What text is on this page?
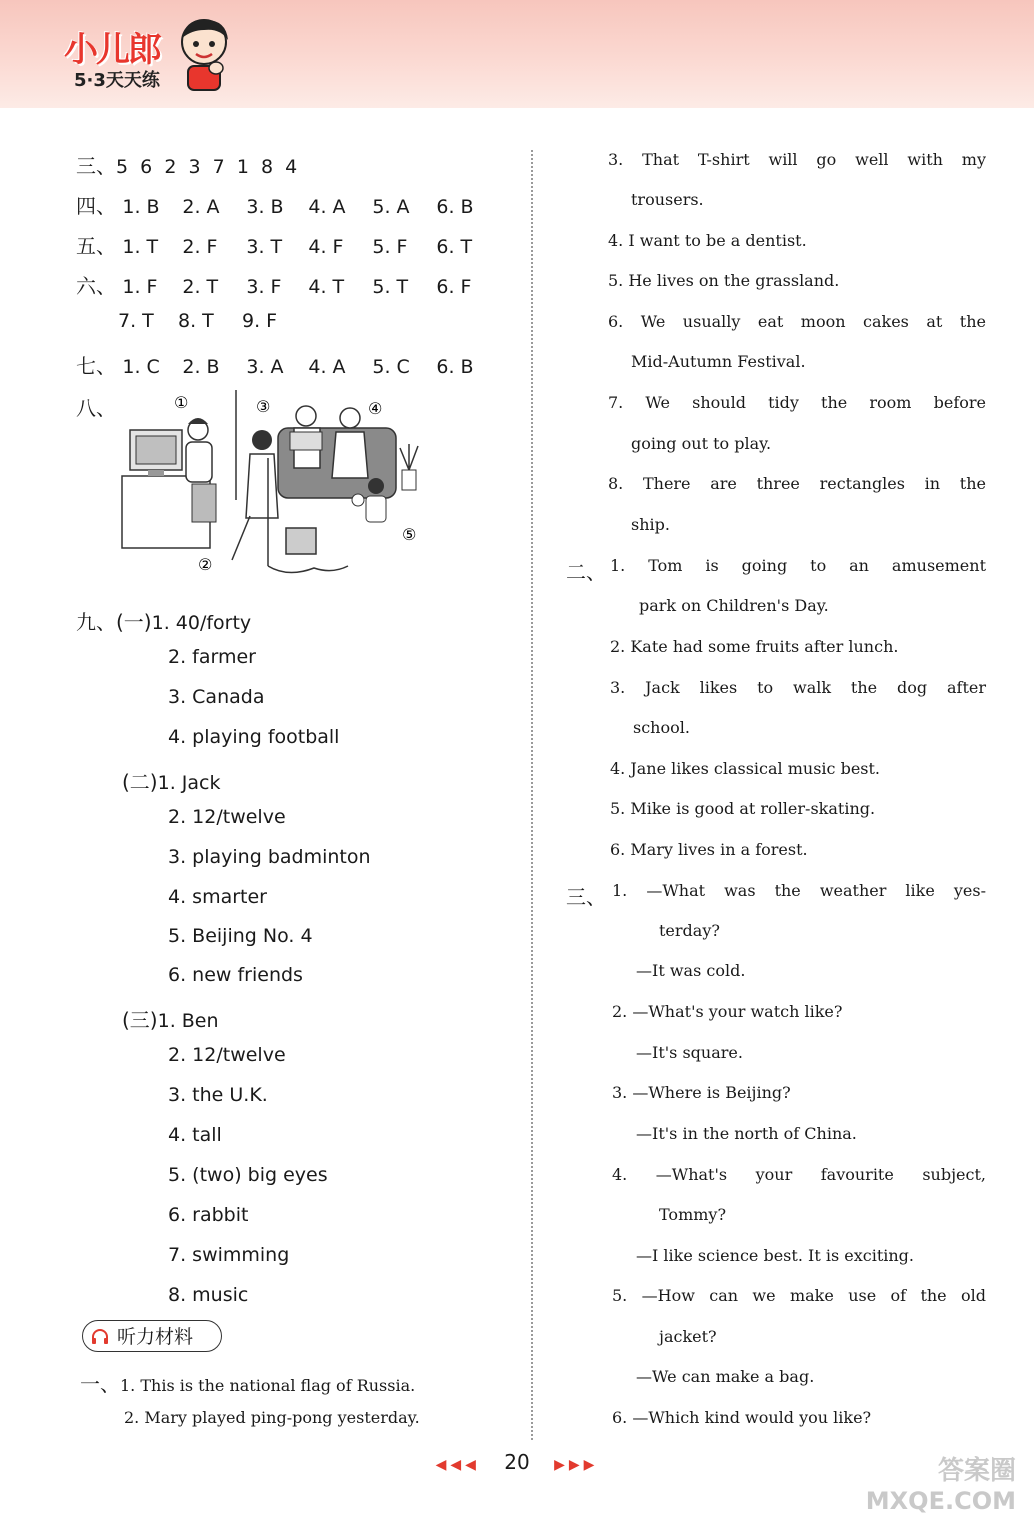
小儿郎
5·3天天练
三、5  6  2  3  7  1  8  4
四、 1. B 2. A 3. B 4. A 5. A 6. B
五、 1. T 2. F 3. T 4. F 5. F 6. T
六、 1. F 2. T 3. F 4. T 5. T 6. F
7. T 8. T 9. F
七、 1. C 2. B 3. A 4. A 5. C 6. B
八、	①
②
③	④
⑤
九、(一)1. 40/forty
2. farmer
3. Canada
4. playing football
(二)1. Jack
2. 12/twelve
3. playing badminton
4. smarter
5. Beijing No. 4
6. new friends
(三)1. Ben
2. 12/twelve
3. the U.K.
4. tall
5. (two) big eyes
6. rabbit
7. swimming
8. music
听力材料
一、1. This is the national flag of Russia.
2. Mary played ping-pong yesterday.
3. That T-shirt will go well with my
trousers.
4. I want to be a dentist.
5. He lives on the grassland.
6. We usually eat moon cakes at the
Mid-Autumn Festival.
7. We should tidy the room before
going out to play.
8. There are three rectangles in the
ship.
二、 1. Tom is going to an amusement
park on Children's Day.
2. Kate had some fruits after lunch.
3. Jack likes to walk the dog after
school.
4. Jane likes classical music best.
5. Mike is good at roller-skating.
6. Mary lives in a forest.
三、 1. —What was the weather like yes-
terday?
—It was cold.
2. —What's your watch like?
—It's square.
3. —Where is Beijing?
—It's in the north of China.
4. —What's your favourite subject,
Tommy?
—I like science best. It is exciting.
5. —How can we make use of the old
jacket?
—We can make a bag.
6. —Which kind would you like?
◀◀◀ 20 ▶▶▶	答案圈
MXQE.COM
